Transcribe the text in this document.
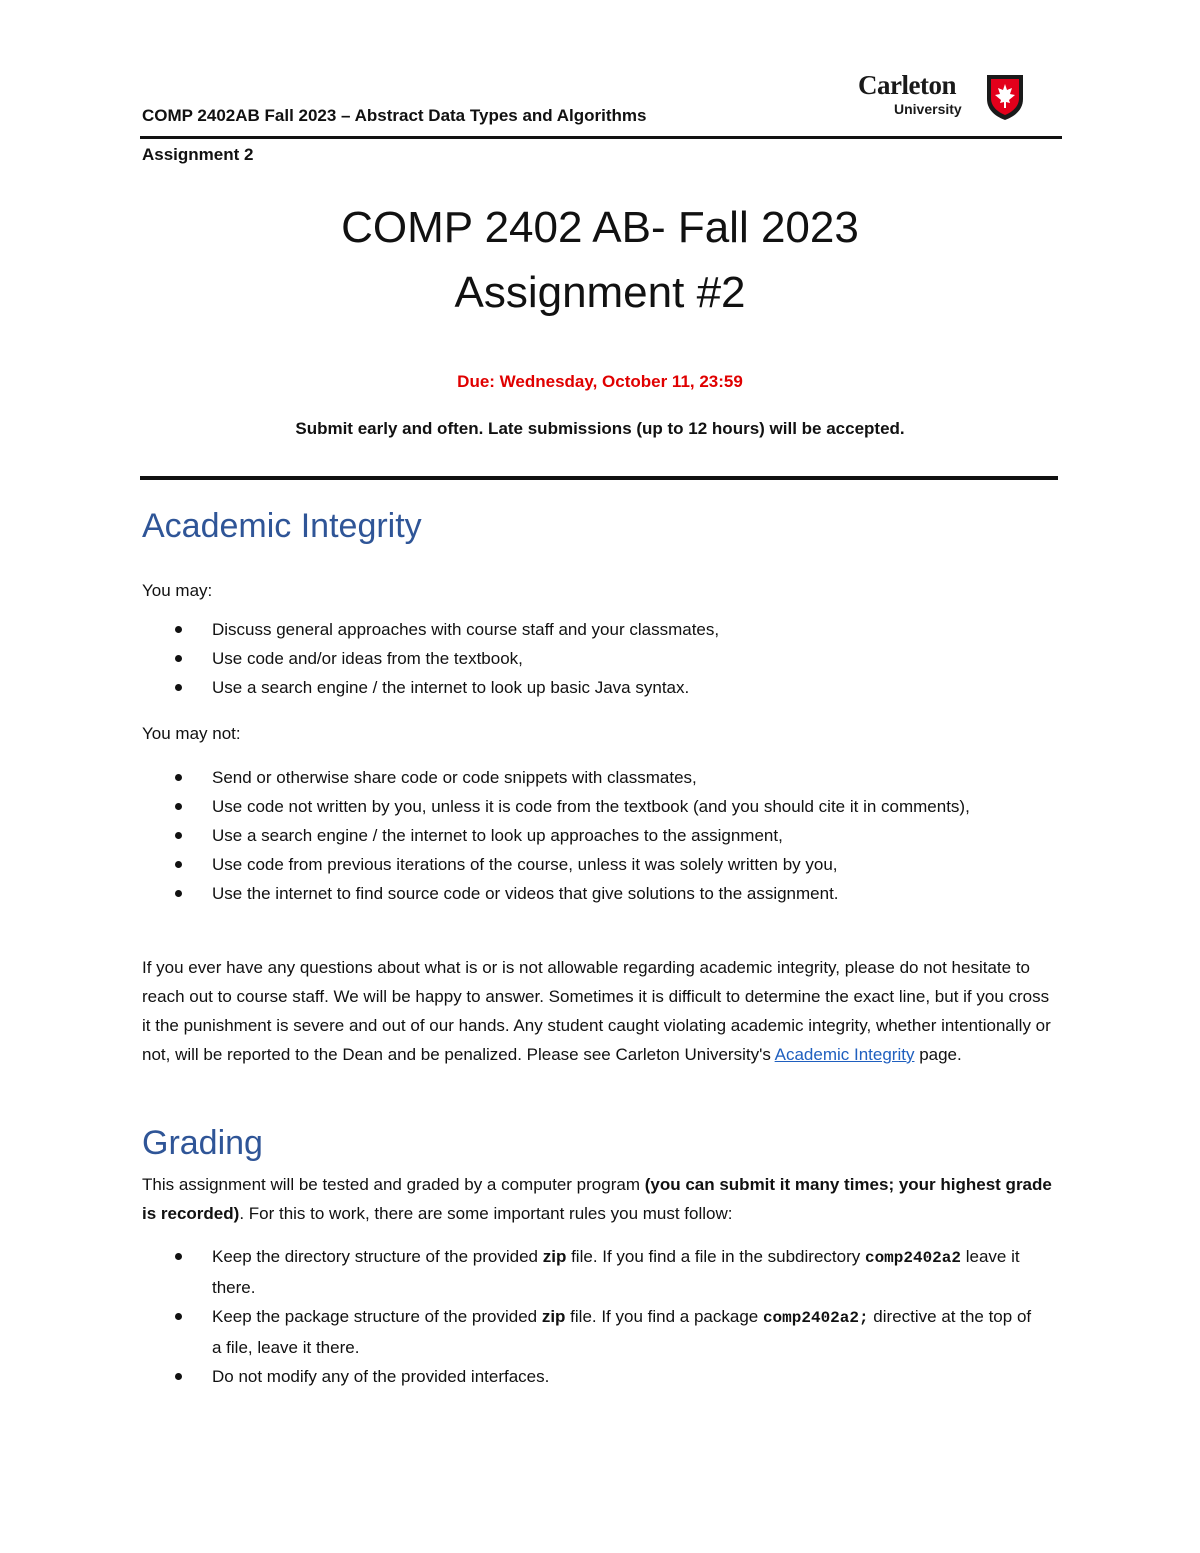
COMP 2402AB Fall 2023 – Abstract Data Types and Algorithms
Carleton
University
Assignment 2
COMP 2402 AB- Fall 2023
Assignment #2
Due: Wednesday, October 11, 23:59
Submit early and often. Late submissions (up to 12 hours) will be accepted.
Academic Integrity
You may:
Discuss general approaches with course staff and your classmates,
Use code and/or ideas from the textbook,
Use a search engine / the internet to look up basic Java syntax.
You may not:
Send or otherwise share code or code snippets with classmates,
Use code not written by you, unless it is code from the textbook (and you should cite it in comments),
Use a search engine / the internet to look up approaches to the assignment,
Use code from previous iterations of the course, unless it was solely written by you,
Use the internet to find source code or videos that give solutions to the assignment.
If you ever have any questions about what is or is not allowable regarding academic integrity, please do not hesitate to reach out to course staff. We will be happy to answer. Sometimes it is difficult to determine the exact line, but if you cross it the punishment is severe and out of our hands. Any student caught violating academic integrity, whether intentionally or not, will be reported to the Dean and be penalized. Please see Carleton University's Academic Integrity page.
Grading
This assignment will be tested and graded by a computer program (you can submit it many times; your highest grade is recorded). For this to work, there are some important rules you must follow:
Keep the directory structure of the provided zip file. If you find a file in the subdirectory comp2402a2 leave it there.
Keep the package structure of the provided zip file. If you find a package comp2402a2; directive at the top of a file, leave it there.
Do not modify any of the provided interfaces.
